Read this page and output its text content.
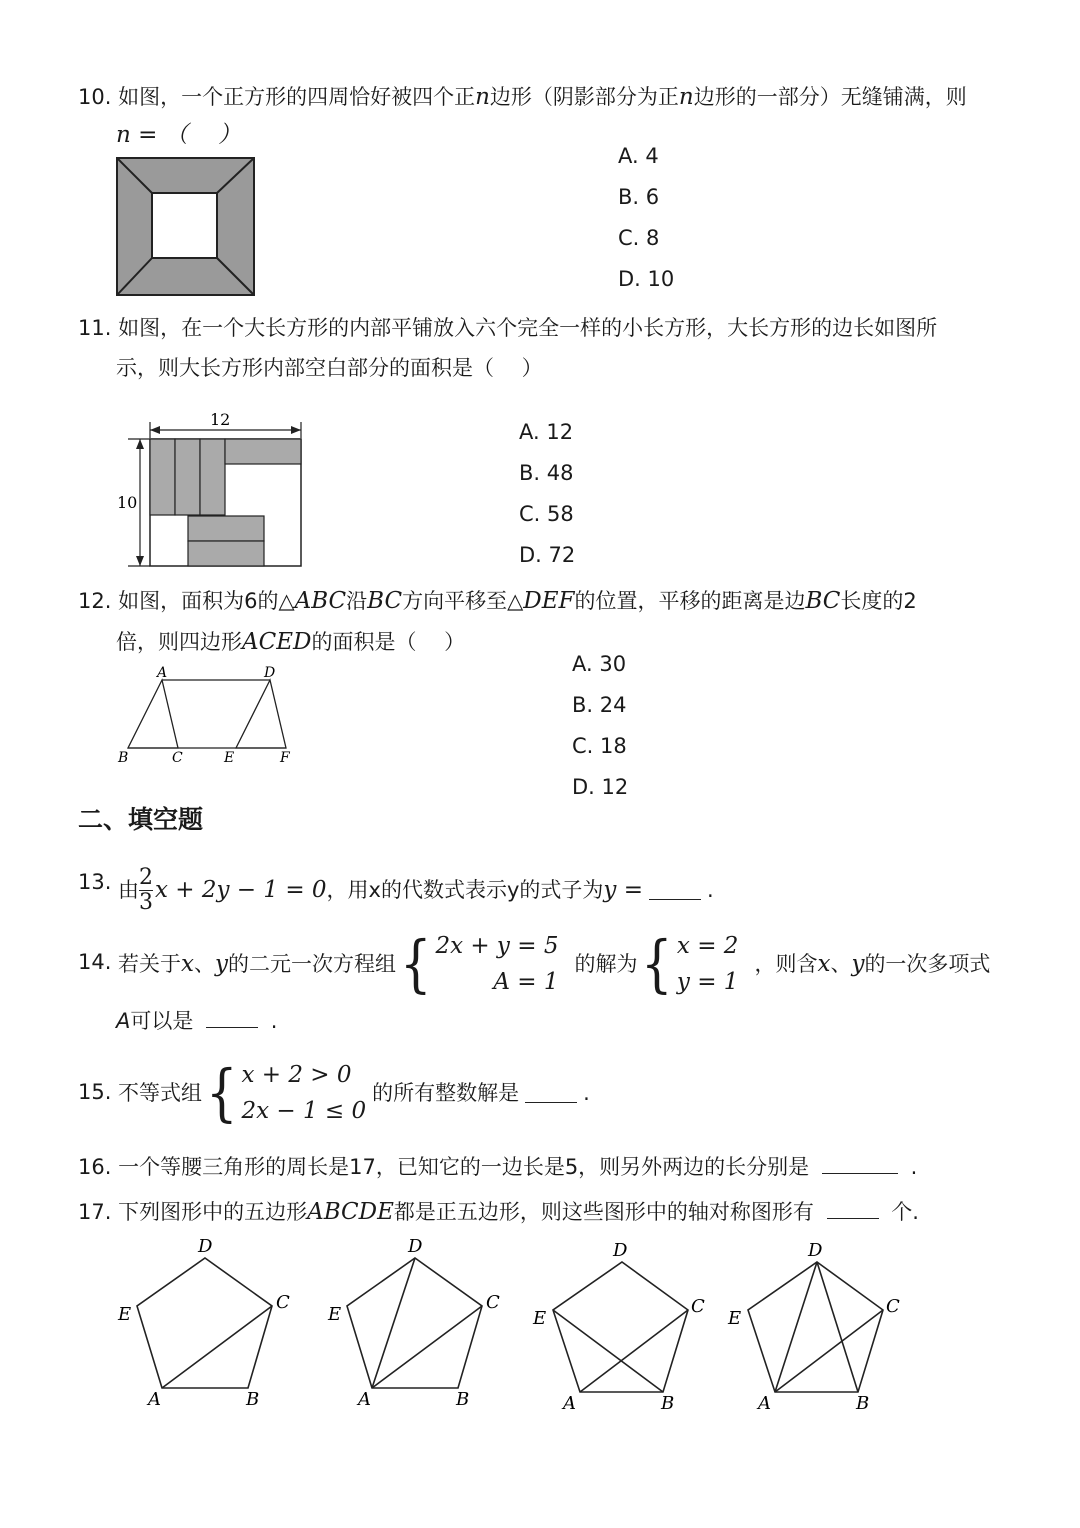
10. 如图，一个正方形的四周恰好被四个正n边形（阴影部分为正n边形的一部分）无缝铺满，则
n = （　 ）
A. 4
B. 6
C. 8
D. 10
11. 如图，在一个大长方形的内部平铺放入六个完全一样的小长方形，大长方形的边长如图所
示，则大长方形内部空白部分的面积是（　 ）
12
10
A. 12
B. 48
C. 58
D. 72
12. 如图，面积为6的△ABC沿BC方向平移至△DEF的位置，平移的距离是边BC长度的2
倍，则四边形ACED的面积是（　 ）
A	D
B	C	E	F
A. 30
B. 24
C. 18
D. 12
二、填空题
13. 由 $\frac{2}{3}$ x + 2y − 1 = 0 ，用x的代数式表示y的式子为 y =	.
14. 若关于 x 、 y 的二元一次方程组 { 2x + y = 5
A = 1
的解为 { x = 2
y = 1
，则含 x 、 y 的一次多项式
A可以是	.
15. 不等式组 { x + 2 > 0
2x − 1 ≤ 0
的所有整数解是	.
16. 一个等腰三角形的周长是17，已知它的一边长是5，则另外两边的长分别是	.
17. 下列图形中的五边形ABCDE都是正五边形，则这些图形中的轴对称图形有	个.
D
C
E
A	B
D
C
E
A	B
D
C
E
A	B
D
C
E
A	B
